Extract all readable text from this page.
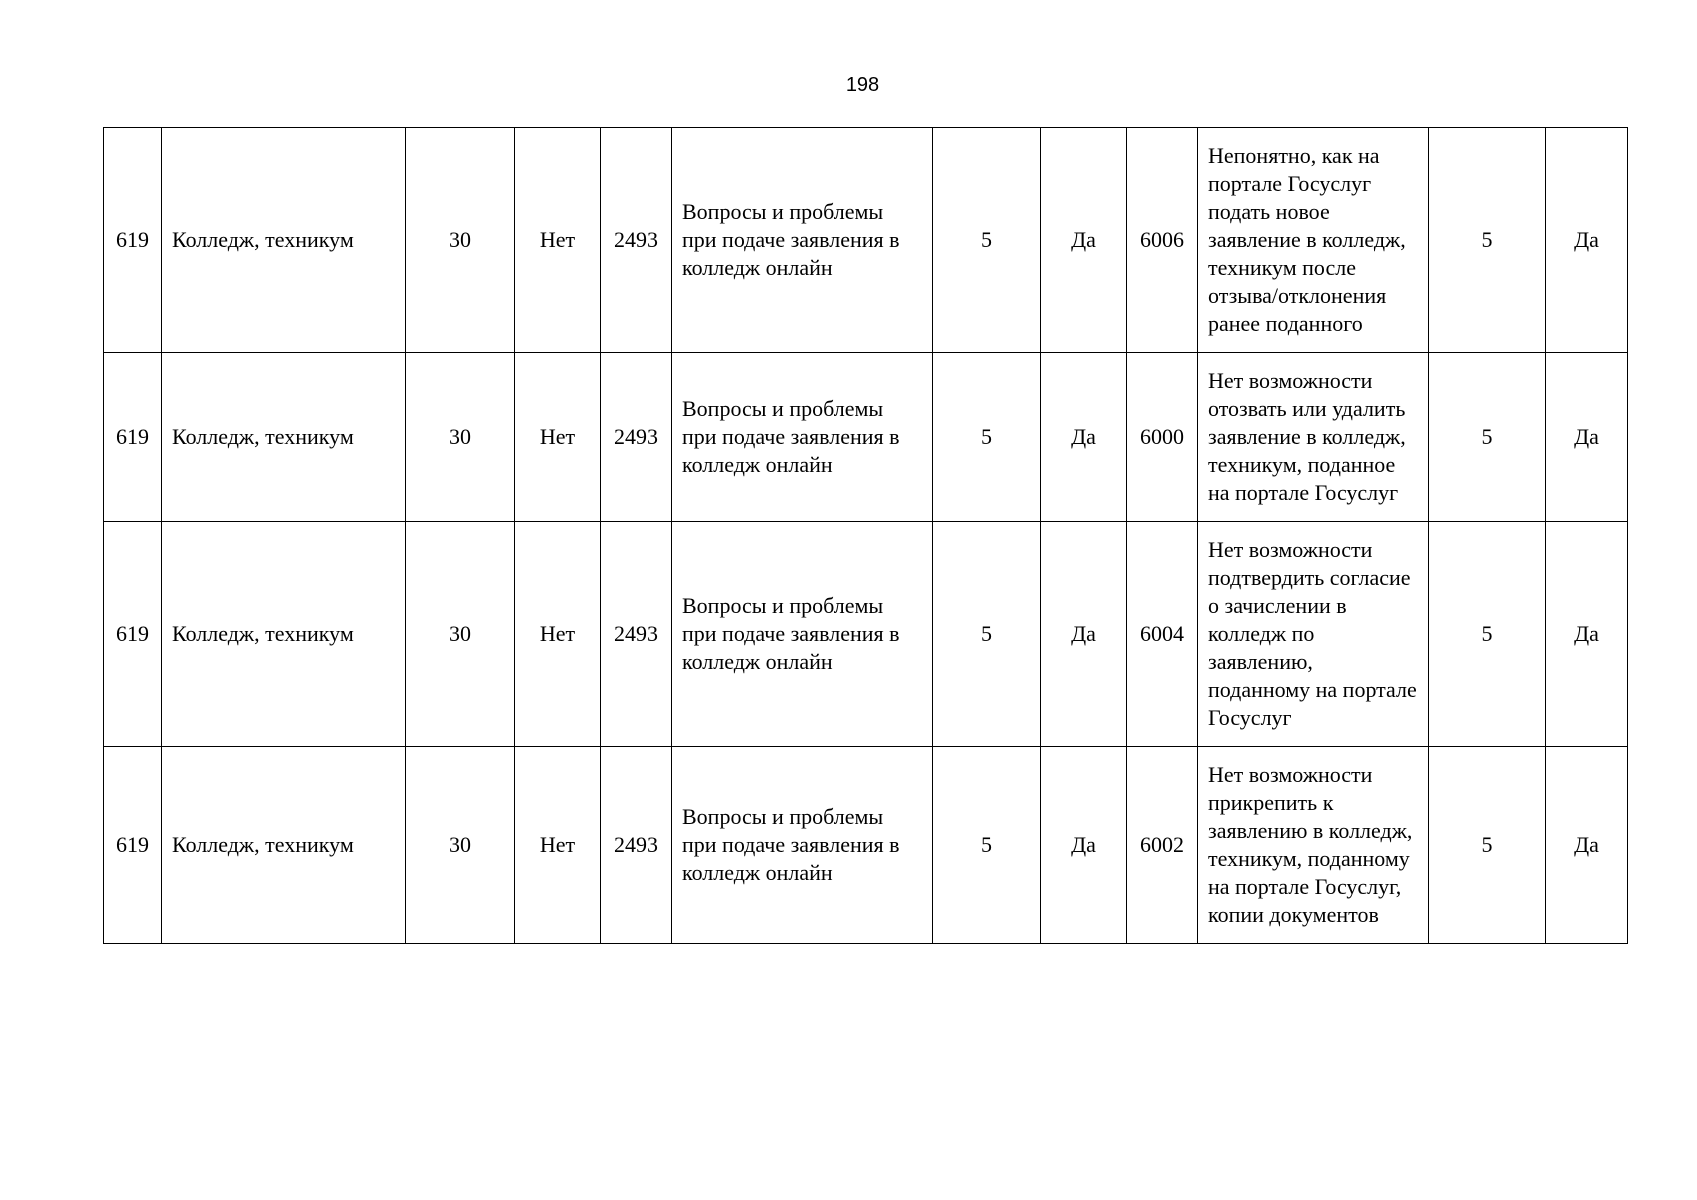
198
619	Колледж, техникум	30	Нет	2493	Вопросы и проблемы при подаче заявления в колледж онлайн	5	Да	6006	Непонятно, как на портале Госуслуг подать новое заявление в колледж, техникум после отзыва/отклонения ранее поданного	5	Да
619	Колледж, техникум	30	Нет	2493	Вопросы и проблемы при подаче заявления в колледж онлайн	5	Да	6000	Нет возможности отозвать или удалить заявление в колледж, техникум, поданное на портале Госуслуг	5	Да
619	Колледж, техникум	30	Нет	2493	Вопросы и проблемы при подаче заявления в колледж онлайн	5	Да	6004	Нет возможности подтвердить согласие о зачислении в колледж по заявлению, поданному на портале Госуслуг	5	Да
619	Колледж, техникум	30	Нет	2493	Вопросы и проблемы при подаче заявления в колледж онлайн	5	Да	6002	Нет возможности прикрепить к заявлению в колледж, техникум, поданному на портале Госуслуг, копии документов	5	Да
